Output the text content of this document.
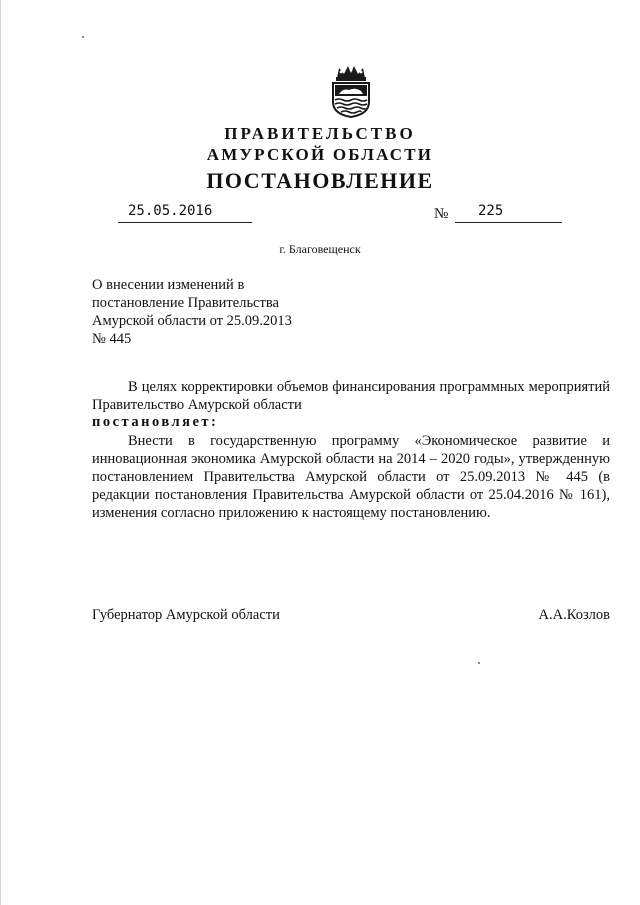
ПРАВИТЕЛЬСТВО
АМУРСКОЙ ОБЛАСТИ
ПОСТАНОВЛЕНИЕ
25.05.2016	№ 225
г. Благовещенск
О внесении изменений в
постановление Правительства
Амурской области от 25.09.2013
№ 445
В целях корректировки объемов финансирования программных мероприятий Правительство Амурской области
постановляет:
Внести в государственную программу «Экономическое развитие и инновационная экономика Амурской области на 2014 – 2020 годы», утвержденную постановлением Правительства Амурской области от 25.09.2013 № 445 (в редакции постановления Правительства Амурской области от 25.04.2016 № 161), изменения согласно приложению к настоящему постановлению.
Губернатор Амурской области	А.А.Козлов
